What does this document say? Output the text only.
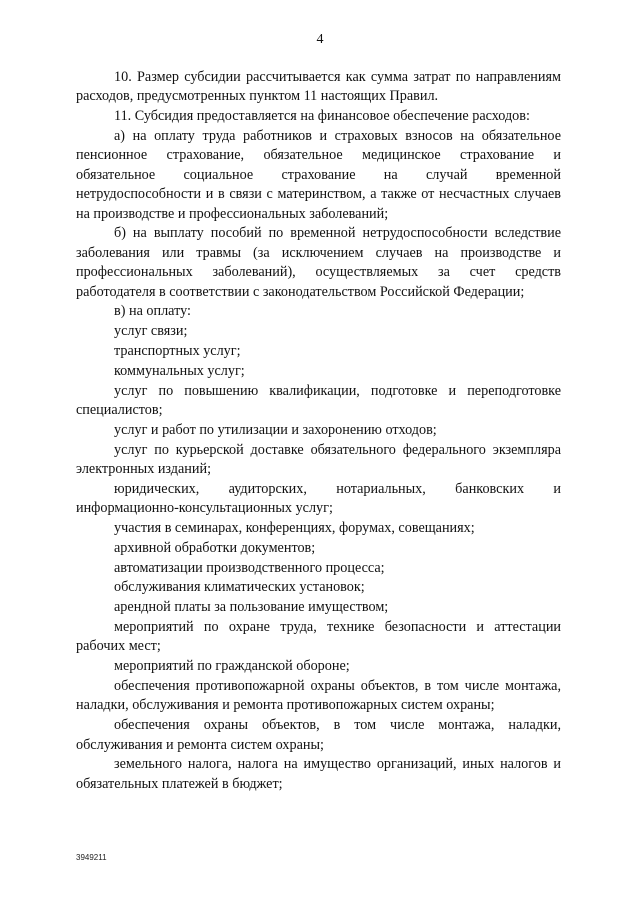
4

10. Размер субсидии рассчитывается как сумма затрат по направлениям расходов, предусмотренных пунктом 11 настоящих Правил.

11. Субсидия предоставляется на финансовое обеспечение расходов:

а) на оплату труда работников и страховых взносов на обязательное пенсионное страхование, обязательное медицинское страхование и обязательное социальное страхование на случай временной нетрудоспособности и в связи с материнством, а также от несчастных случаев на производстве и профессиональных заболеваний;

б) на выплату пособий по временной нетрудоспособности вследствие заболевания или травмы (за исключением случаев на производстве и профессиональных заболеваний), осуществляемых за счет средств работодателя в соответствии с законодательством Российской Федерации;

в) на оплату:

услуг связи;

транспортных услуг;

коммунальных услуг;

услуг по повышению квалификации, подготовке и переподготовке специалистов;

услуг и работ по утилизации и захоронению отходов;

услуг по курьерской доставке обязательного федерального экземпляра электронных изданий;

юридических, аудиторских, нотариальных, банковских и информационно-консультационных услуг;

участия в семинарах, конференциях, форумах, совещаниях;

архивной обработки документов;

автоматизации производственного процесса;

обслуживания климатических установок;

арендной платы за пользование имуществом;

мероприятий по охране труда, технике безопасности и аттестации рабочих мест;

мероприятий по гражданской обороне;

обеспечения противопожарной охраны объектов, в том числе монтажа, наладки, обслуживания и ремонта противопожарных систем охраны;

обеспечения охраны объектов, в том числе монтажа, наладки, обслуживания и ремонта систем охраны;

земельного налога, налога на имущество организаций, иных налогов и обязательных платежей в бюджет;

3949211
